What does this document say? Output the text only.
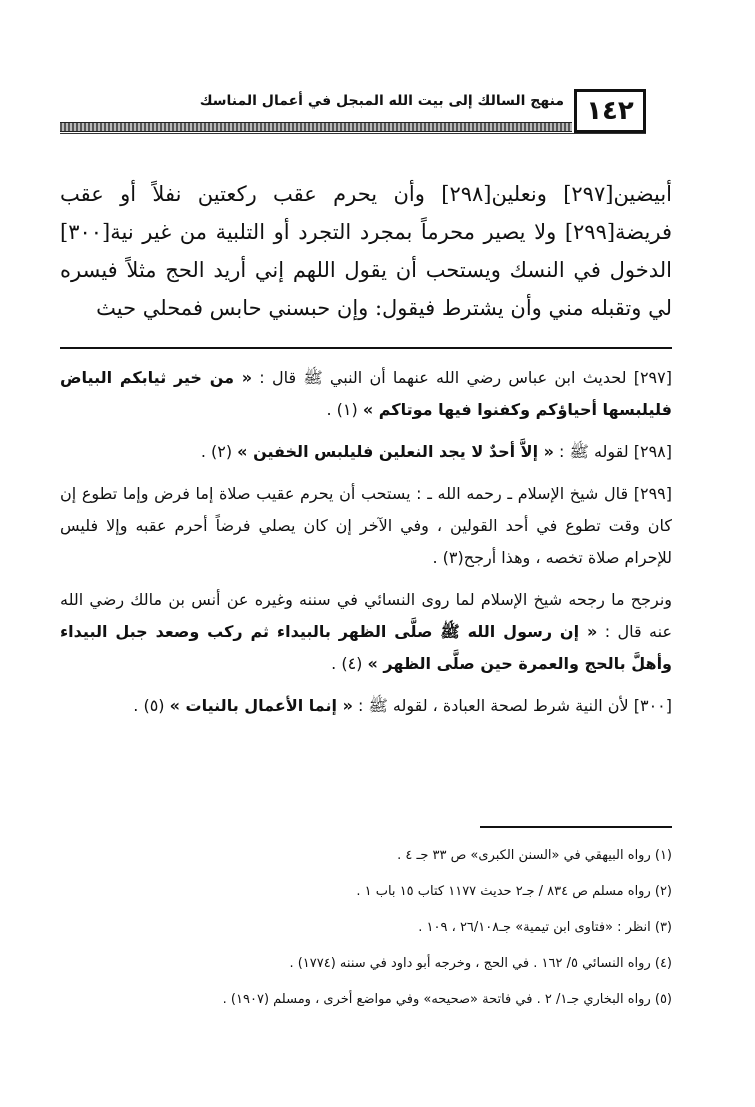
١٤٢
منهج السالك إلى بيت الله المبجل في أعمال المناسك

أبيضين[٢٩٧] ونعلين[٢٩٨] وأن يحرم عقب ركعتين نفلاً أو عقب فريضة[٢٩٩] ولا يصير محرماً بمجرد التجرد أو التلبية من غير نية[٣٠٠] الدخول في النسك ويستحب أن يقول اللهم إني أريد الحج مثلاً فيسره لي وتقبله مني وأن يشترط فيقول: وإن حبسني حابس فمحلي حيث

[٢٩٧] لحديث ابن عباس رضي الله عنهما أن النبي ﷺ قال : « من خير ثيابكم البياض فليلبسها أحياؤكم وكفنوا فيها موتاكم » (١) .

[٢٩٨] لقوله ﷺ : « إلاَّ أحدٌ لا يجد النعلين فليلبس الخفين » (٢) .

[٢٩٩] قال شيخ الإسلام ـ رحمه الله ـ : يستحب أن يحرم عقيب صلاة إما فرض وإما تطوع إن كان وقت تطوع في أحد القولين ، وفي الآخر إن كان يصلي فرضاً أحرم عقبه وإلا فليس للإحرام صلاة تخصه ، وهذا أرجح(٣) .

ونرجح ما رجحه شيخ الإسلام لما روى النسائي في سننه وغيره عن أنس بن مالك رضي الله عنه قال : « إن رسول الله ﷺ صلَّى الظهر بالبيداء ثم ركب وصعد جبل البيداء وأهلَّ بالحج والعمرة حين صلَّى الظهر » (٤) .

[٣٠٠] لأن النية شرط لصحة العبادة ، لقوله ﷺ : « إنما الأعمال بالنيات » (٥) .

(١) رواه البيهقي في «السنن الكبرى» ص ٣٣ جـ ٤ .
(٢) رواه مسلم ص ٨٣٤ / جـ٢ حديث ١١٧٧ كتاب ١٥ باب ١ .
(٣) انظر : «فتاوى ابن تيمية» جـ٢٦/١٠٨ ، ١٠٩ .
(٤) رواه النسائي ٥/ ١٦٢ . في الحج ، وخرجه أبو داود في سننه (١٧٧٤) .
(٥) رواه البخاري جـ١/ ٢ . في فاتحة «صحيحه» وفي مواضع أخرى ، ومسلم (١٩٠٧) .
